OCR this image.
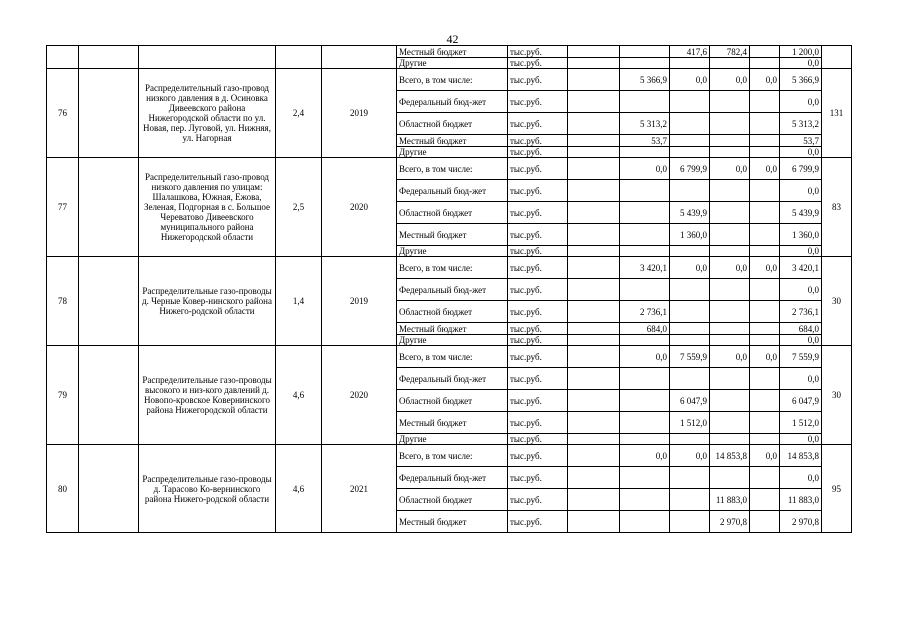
42
					Местный бюджет	тыс.руб.			417,6	782,4		1 200,0	
					Другие	тыс.руб.						0,0	
76		Распределительный газо-провод низкого давления в д. Осиновка Дивеевского района Нижегородской области по ул. Новая, пер. Луговой, ул. Нижняя, ул. Нагорная	2,4	2019	Всего, в том числе:	тыс.руб.		5 366,9	0,0	0,0	0,0	5 366,9	131
					Федеральный бюд-жет	тыс.руб.						0,0	
					Областной бюджет	тыс.руб.		5 313,2				5 313,2	
					Местный бюджет	тыс.руб.		53,7				53,7	
					Другие	тыс.руб.						0,0	
77		Распределительный газо-провод низкого давления по улицам: Шалашкова, Южная, Ежова, Зеленая, Подгорная в с. Большое Череватово Дивеевского муниципального района Нижегородской области	2,5	2020	Всего, в том числе:	тыс.руб.		0,0	6 799,9	0,0	0,0	6 799,9	83
					Федеральный бюд-жет	тыс.руб.						0,0	
					Областной бюджет	тыс.руб.			5 439,9			5 439,9	
					Местный бюджет	тыс.руб.			1 360,0			1 360,0	
					Другие	тыс.руб.						0,0	
78		Распределительные газо-проводы д. Черные Ковер-нинского района Нижего-родской области	1,4	2019	Всего, в том числе:	тыс.руб.		3 420,1	0,0	0,0	0,0	3 420,1	30
					Федеральный бюд-жет	тыс.руб.						0,0	
					Областной бюджет	тыс.руб.		2 736,1				2 736,1	
					Местный бюджет	тыс.руб.		684,0				684,0	
					Другие	тыс.руб.						0,0	
79		Распределительные газо-проводы высокого и низ-кого давлений д. Новопо-кровское Ковернинского района Нижегородской области	4,6	2020	Всего, в том числе:	тыс.руб.		0,0	7 559,9	0,0	0,0	7 559,9	30
					Федеральный бюд-жет	тыс.руб.						0,0	
					Областной бюджет	тыс.руб.			6 047,9			6 047,9	
					Местный бюджет	тыс.руб.			1 512,0			1 512,0	
					Другие	тыс.руб.						0,0	
80		Распределительные газо-проводы д. Тарасово Ко-вернинского района Нижего-родской области	4,6	2021	Всего, в том числе:	тыс.руб.		0,0	0,0	14 853,8	0,0	14 853,8	95
					Федеральный бюд-жет	тыс.руб.						0,0	
					Областной бюджет	тыс.руб.				11 883,0		11 883,0	
					Местный бюджет	тыс.руб.				2 970,8		2 970,8	
